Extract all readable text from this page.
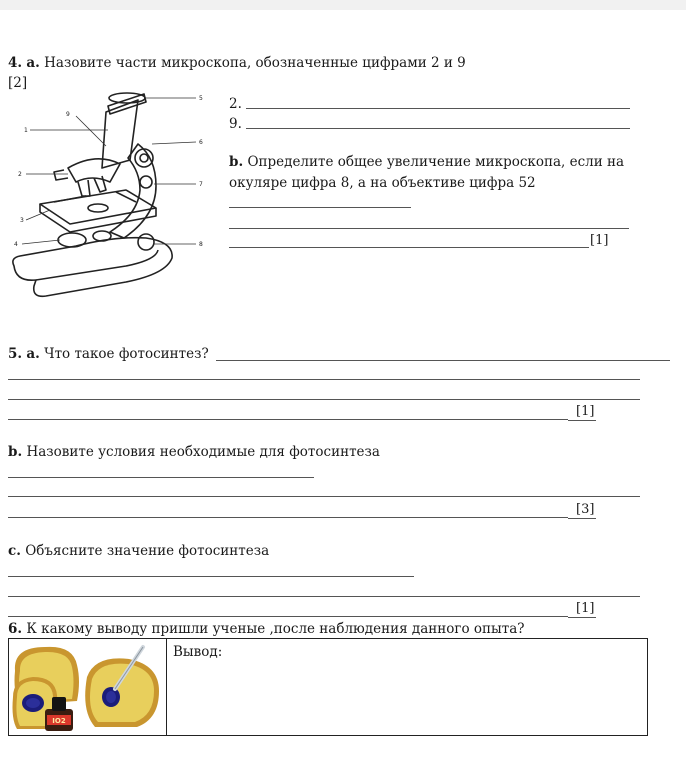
4. a. Назовите части микроскопа, обозначенные цифрами 2 и 9
[2]
5
9
1
6
2
7
3
4	8
2.
9.
b. Определите общее увеличение микроскопа, если на
окуляре цифра 8, а на объективе цифра 52
[1]
5. a. Что такое фотосинтез?
[1]
b. Назовите условия необходимые для фотосинтеза
[3]
c. Объясните значение фотосинтеза
[1]
6. К какому выводу пришли ученые ,после наблюдения данного опыта?
IO2
Вывод:
